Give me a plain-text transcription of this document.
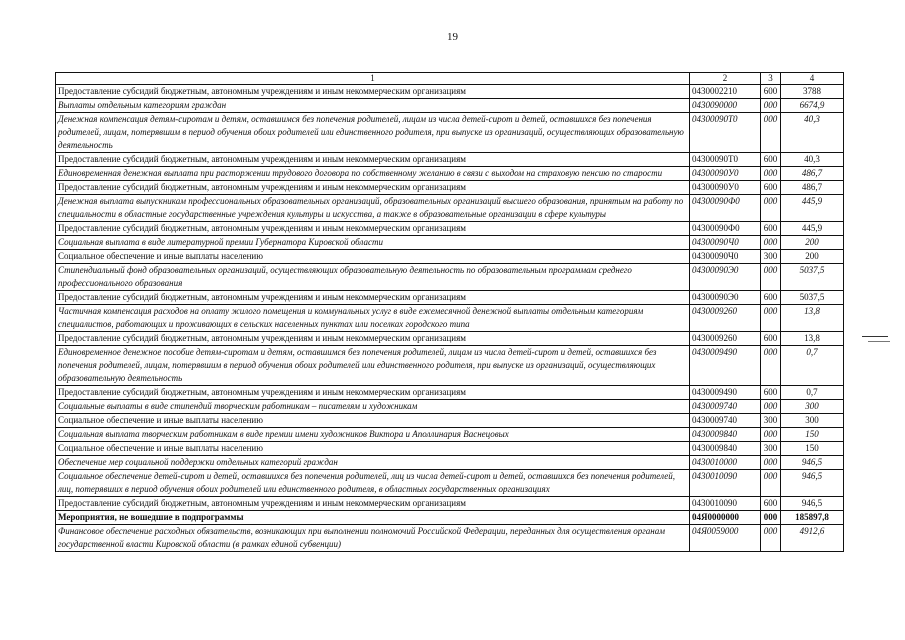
19
1	2	3	4
Предоставление субсидий бюджетным, автономным учреждениям и иным некоммерческим организациям	0430002210	600	3788
Выплаты отдельным категориям граждан	0430090000	000	6674,9
Денежная компенсация детям-сиротам и детям, оставшимся без попечения родителей, лицам из числа детей-сирот и детей, оставшихся без попечения родителей, лицам, потерявшим в период обучения обоих родителей или единственного родителя, при выпуске из организаций, осуществляющих образовательную деятельность	04300090Т0	000	40,3
Предоставление субсидий бюджетным, автономным учреждениям и иным некоммерческим организациям	04300090Т0	600	40,3
Единовременная денежная выплата при расторжении трудового договора по собственному желанию в связи с выходом на страховую пенсию по старости	04300090У0	000	486,7
Предоставление субсидий бюджетным, автономным учреждениям и иным некоммерческим организациям	04300090У0	600	486,7
Денежная выплата выпускникам профессиональных образовательных организаций, образовательных организаций высшего образования, принятым на работу по специальности в областные государственные учреждения культуры и искусства, а также в образовательные организации в сфере культуры	04300090Ф0	000	445,9
Предоставление субсидий бюджетным, автономным учреждениям и иным некоммерческим организациям	04300090Ф0	600	445,9
Социальная выплата в виде литературной премии Губернатора Кировской области	04300090Ч0	000	200
Социальное обеспечение и иные выплаты населению	04300090Ч0	300	200
Стипендиальный фонд образовательных организаций, осуществляющих образовательную деятельность по образовательным программам среднего профессионального образования	04300090Э0	000	5037,5
Предоставление субсидий бюджетным, автономным учреждениям и иным некоммерческим организациям	04300090Э0	600	5037,5
Частичная компенсация расходов на оплату жилого помещения и коммунальных услуг в виде ежемесячной денежной выплаты отдельным категориям специалистов, работающих и проживающих в сельских населенных пунктах или поселках городского типа	0430009260	000	13,8
Предоставление субсидий бюджетным, автономным учреждениям и иным некоммерческим организациям	0430009260	600	13,8
Единовременное денежное пособие детям-сиротам и детям, оставшимся без попечения родителей, лицам из числа детей-сирот и детей, оставшихся без попечения родителей, лицам, потерявшим в период обучения обоих родителей или единственного родителя, при выпуске из организаций, осуществляющих образовательную деятельность	0430009490	000	0,7
Предоставление субсидий бюджетным, автономным учреждениям и иным некоммерческим организациям	0430009490	600	0,7
Социальные выплаты в виде стипендий творческим работникам – писателям и художникам	0430009740	000	300
Социальное обеспечение и иные выплаты населению	0430009740	300	300
Социальная выплата творческим работникам в виде премии имени художников Виктора и Аполлинария Васнецовых	0430009840	000	150
Социальное обеспечение и иные выплаты населению	0430009840	300	150
Обеспечение мер социальной поддержки отдельных категорий граждан	0430010000	000	946,5
Социальное обеспечение детей-сирот и детей, оставшихся без попечения родителей, лиц из числа детей-сирот и детей, оставшихся без попечения родителей, лиц, потерявших в период обучения обоих родителей или единственного родителя, в областных государственных организациях	0430010090	000	946,5
Предоставление субсидий бюджетным, автономным учреждениям и иным некоммерческим организациям	0430010090	600	946,5
Мероприятия, не вошедшие в подпрограммы	04Я0000000	000	185897,8
Финансовое обеспечение расходных обязательств, возникающих при выполнении полномочий Российской Федерации, переданных для осуществления органам государственной власти Кировской области (в рамках единой субвенции)	04Я0059000	000	4912,6
